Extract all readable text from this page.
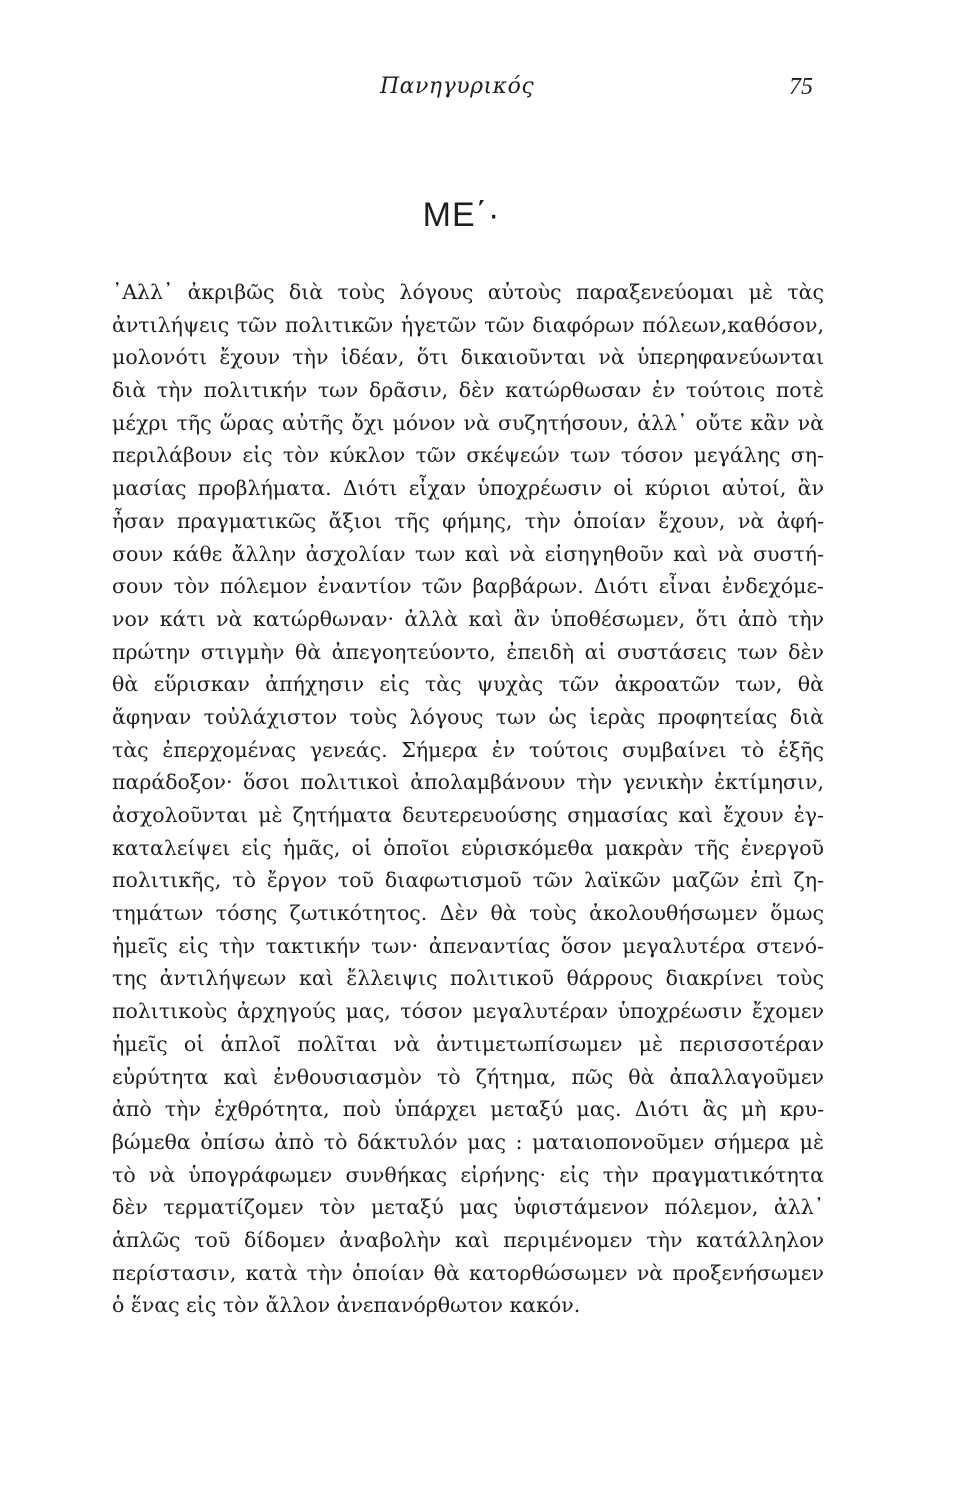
Πανηγυρικός	75
ΜΕ΄·
᾿Αλλ᾿ ἀκριβῶς διὰ τοὺς λόγους αὐτοὺς παραξενεύομαι μὲ τὰς
ἀντιλήψεις τῶν πολιτικῶν ἡγετῶν τῶν διαφόρων πόλεων,καθόσον,
μολονότι ἔχουν τὴν ἰδέαν, ὅτι δικαιοῦνται νὰ ὑπερηφανεύωνται
διὰ τὴν πολιτικήν των δρᾶσιν, δὲν κατώρθωσαν ἐν τούτοις ποτὲ
μέχρι τῆς ὥρας αὐτῆς ὄχι μόνον νὰ συζητήσουν, ἀλλ᾿ οὔτε κἂν νὰ
περιλάβουν εἰς τὸν κύκλον τῶν σκέψεών των τόσον μεγάλης ση-
μασίας προβλήματα. Διότι εἶχαν ὑποχρέωσιν οἱ κύριοι αὐτοί, ἂν
ἦσαν πραγματικῶς ἄξιοι τῆς φήμης, τὴν ὁποίαν ἔχουν, νὰ ἀφή-
σουν κάθε ἄλλην ἀσχολίαν των καὶ νὰ εἰσηγηθοῦν καὶ νὰ συστή-
σουν τὸν πόλεμον ἐναντίον τῶν βαρβάρων. Διότι εἶναι ἐνδεχόμε-
νον κάτι νὰ κατώρθωναν· ἀλλὰ καὶ ἂν ὑποθέσωμεν, ὅτι ἀπὸ τὴν
πρώτην στιγμὴν θὰ ἀπεγοητεύοντο, ἐπειδὴ αἱ συστάσεις των δὲν
θὰ εὕρισκαν ἀπήχησιν εἰς τὰς ψυχὰς τῶν ἀκροατῶν των, θὰ
ἄφηναν τοὐλάχιστον τοὺς λόγους των ὡς ἱερὰς προφητείας διὰ
τὰς ἐπερχομένας γενεάς. Σήμερα ἐν τούτοις συμβαίνει τὸ ἑξῆς
παράδοξον· ὅσοι πολιτικοὶ ἀπολαμβάνουν τὴν γενικὴν ἐκτίμησιν,
ἀσχολοῦνται μὲ ζητήματα δευτερευούσης σημασίας καὶ ἔχουν ἐγ-
καταλείψει εἰς ἡμᾶς, οἱ ὁποῖοι εὑρισκόμεθα μακρὰν τῆς ἐνεργοῦ
πολιτικῆς, τὸ ἔργον τοῦ διαφωτισμοῦ τῶν λαϊκῶν μαζῶν ἐπὶ ζη-
τημάτων τόσης ζωτικότητος. Δὲν θὰ τοὺς ἀκολουθήσωμεν ὅμως
ἡμεῖς εἰς τὴν τακτικήν των· ἀπεναντίας ὅσον μεγαλυτέρα στενό-
της ἀντιλήψεων καὶ ἔλλειψις πολιτικοῦ θάρρους διακρίνει τοὺς
πολιτικοὺς ἀρχηγούς μας, τόσον μεγαλυτέραν ὑποχρέωσιν ἔχομεν
ἡμεῖς οἱ ἁπλοῖ πολῖται νὰ ἀντιμετωπίσωμεν μὲ περισσοτέραν
εὐρύτητα καὶ ἐνθουσιασμὸν τὸ ζήτημα, πῶς θὰ ἀπαλλαγοῦμεν
ἀπὸ τὴν ἐχθρότητα, ποὺ ὑπάρχει μεταξύ μας. Διότι ἂς μὴ κρυ-
βώμεθα ὀπίσω ἀπὸ τὸ δάκτυλόν μας : ματαιοπονοῦμεν σήμερα μὲ
τὸ νὰ ὑπογράφωμεν συνθήκας εἰρήνης· εἰς τὴν πραγματικότητα
δὲν τερματίζομεν τὸν μεταξύ μας ὑφιστάμενον πόλεμον, ἀλλ᾿
ἁπλῶς τοῦ δίδομεν ἀναβολὴν καὶ περιμένομεν τὴν κατάλληλον
περίστασιν, κατὰ τὴν ὁποίαν θὰ κατορθώσωμεν νὰ προξενήσωμεν
ὁ ἕνας εἰς τὸν ἄλλον ἀνεπανόρθωτον κακόν.
